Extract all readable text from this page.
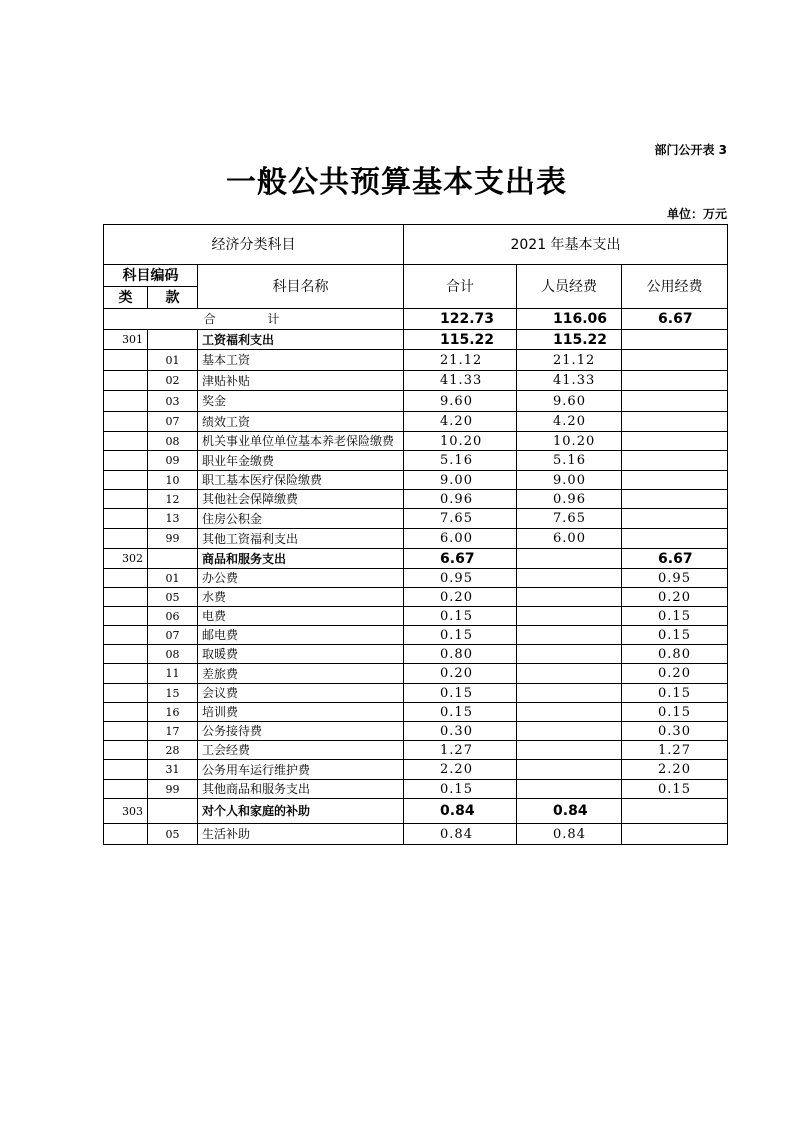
部门公开表 3
一般公共预算基本支出表
单位：万元
经济分类科目			2021 年基本支出		
科目编码		科目名称	合计	人员经费	公用经费
类	款				
合 计			122.73	116.06	6.67
301		工资福利支出	115.22	115.22	
	01	基本工资	21.12	21.12	
	02	津贴补贴	41.33	41.33	
	03	奖金	9.60	9.60	
	07	绩效工资	4.20	4.20	
	08	机关事业单位单位基本养老保险缴费	10.20	10.20	
	09	职业年金缴费	5.16	5.16	
	10	职工基本医疗保险缴费	9.00	9.00	
	12	其他社会保障缴费	0.96	0.96	
	13	住房公积金	7.65	7.65	
	99	其他工资福利支出	6.00	6.00	
302		商品和服务支出	6.67		6.67
	01	办公费	0.95		0.95
	05	水费	0.20		0.20
	06	电费	0.15		0.15
	07	邮电费	0.15		0.15
	08	取暖费	0.80		0.80
	11	差旅费	0.20		0.20
	15	会议费	0.15		0.15
	16	培训费	0.15		0.15
	17	公务接待费	0.30		0.30
	28	工会经费	1.27		1.27
	31	公务用车运行维护费	2.20		2.20
	99	其他商品和服务支出	0.15		0.15
303		对个人和家庭的补助	0.84	0.84	
	05	生活补助	0.84	0.84	
